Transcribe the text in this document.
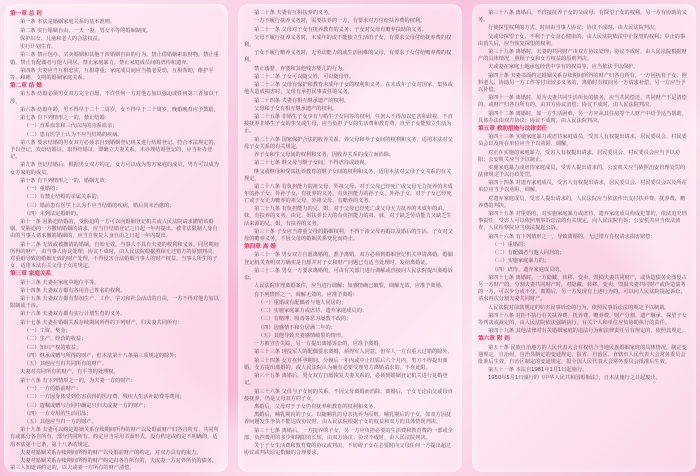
第一章 总 则

第一条 本法是婚姻家庭关系的基本准则。

第二条 实行婚姻自由、一夫一妻、男女平等的婚姻制度。

保护妇女、儿童和老人的合法权益。

实行计划生育。

第三条 禁止包办、买卖婚姻和其他干涉婚姻自由的行为。禁止借婚姻索取财物。禁止重婚。禁止有配偶者与他人同居。禁止家庭暴力。禁止家庭成员间的虐待和遗弃。

第四条 夫妻应当互相忠实，互相尊重；家庭成员间应当敬老爱幼，互相帮助，维护平等、和睦、文明的婚姻家庭关系。

第二章 结 婚

第五条 结婚必须男女双方完全自愿，不许任何一方对他方加以强迫或任何第三者加以干涉。

第六条 结婚年龄，男不得早于二十二周岁，女不得早于二十周岁。晚婚晚育应予鼓励。

第七条 有下列情形之一的，禁止结婚：

（一）直系血亲和三代以内的旁系血亲；

（二）患有医学上认为不应当结婚的疾病。

第八条 要求结婚的男女双方必须亲自到婚姻登记机关进行结婚登记。符合本法规定的，予以登记，发给结婚证。取得结婚证，即确立夫妻关系。未办理结婚登记的，应当补办登记。

第九条 登记结婚后，根据男女双方约定，女方可以成为男方家庭的成员，男方可以成为女方家庭的成员。

第十条 有下列情形之一的，婚姻无效：

（一）重婚的；

（二）有禁止结婚的亲属关系的；

（三）婚前患有医学上认为不应当结婚的疾病，婚后尚未治愈的；

（四）未到法定婚龄的。

第十一条 因胁迫结婚的，受胁迫的一方可以向婚姻登记机关或人民法院请求撤销该婚姻。受胁迫的一方撤销婚姻的请求，应当自结婚登记之日起一年内提出。被非法限制人身自由的当事人请求撤销婚姻的，应当自恢复人身自由之日起一年内提出。

第十二条 无效或被撤销的婚姻，自始无效。当事人不具有夫妻的权利和义务。同居期间所得的财产，由当事人协议处理；协议不成时，由人民法院根据照顾无过错方的原则判决。对重婚导致的婚姻无效的财产处理，不得侵害合法婚姻当事人的财产权益。当事人所生的子女，适用本法有关父母子女的规定。

第三章 家庭关系

第十三条 夫妻在家庭中地位平等。

第十四条 夫妻双方都有各用自己姓名的权利。

第十五条 夫妻双方都有参加生产、工作、学习和社会活动的自由，一方不得对他方加以限制或干涉。

第十六条 夫妻双方都有实行计划生育的义务。

第十七条 夫妻在婚姻关系存续期间所得的下列财产，归夫妻共同所有：

（一）工资、奖金；

（二）生产、经营的收益；

（三）知识产权的收益；

（四）继承或赠与所得的财产，但本法第十八条第三项规定的除外；

（五）其他应当归共同所有的财产。

夫妻对共同所有的财产，有平等的处理权。

第十八条 有下列情形之一的，为夫妻一方的财产：

（一）一方的婚前财产；

（二）一方因身体受到伤害获得的医疗费、残疾人生活补助费等费用；

（三）遗嘱或赠与合同中确定只归夫或妻一方的财产；

（四）一方专用的生活用品；

（五）其他应当归一方的财产。

第十九条 夫妻可以约定婚姻关系存续期间所得的财产以及婚前财产归各自所有、共同所有或部分各自所有、部分共同所有。约定应当采用书面形式。没有约定或约定不明确的，适用本法第十七条、第十八条的规定。

夫妻对婚姻关系存续期间所得的财产以及婚前财产的约定，对双方具有约束力。

夫妻对婚姻关系存续期间所得的财产约定归各自所有的，夫或妻一方对外所负的债务，第三人知道该约定的，以夫或妻一方所有的财产清偿。

第二十条 夫妻有互相扶养的义务。

一方不履行扶养义务时，需要扶养的一方，有要求对方付给扶养费的权利。

第二十一条 父母对子女有抚养教育的义务；子女对父母有赡养扶助的义务。

父母不履行抚养义务时，未成年的或不能独立生活的子女，有要求父母付给抚养费的权利。

子女不履行赡养义务时，无劳动能力的或生活困难的父母，有要求子女付给赡养费的权利。

禁止溺婴、弃婴和其他残害婴儿的行为。

第二十二条 子女可以随父姓，可以随母姓。

第二十三条 父母有保护和教育未成年子女的权利和义务。在未成年子女对国家、集体或他人造成损害时，父母有承担民事责任的义务。

第二十四条 夫妻有相互继承遗产的权利。

父母和子女有相互继承遗产的权利。

第二十五条 非婚生子女享有与婚生子女同等的权利，任何人不得加以危害和歧视。不直接抚养非婚生子女的生父或生母，应当负担子女的生活费和教育费，直至子女能独立生活为止。

第二十六条 国家保护合法的收养关系。养父母和养子女间的权利和义务，适用本法对父母子女关系的有关规定。

养子女和生父母间的权利和义务，因收养关系的成立而消除。

第二十七条 继父母与继子女间，不得虐待或歧视。

继父或继母和受其抚养教育的继子女间的权利和义务，适用本法对父母子女关系的有关规定。

第二十八条 有负担能力的祖父母、外祖父母，对于父母已经死亡或父母无力抚养的未成年的孙子女、外孙子女，有抚养的义务。有负担能力的孙子女、外孙子女，对于子女已经死亡或子女无力赡养的祖父母、外祖父母，有赡养的义务。

第二十九条 有负担能力的兄、姐，对于父母已经死亡或父母无力抚养的未成年的弟、妹，有扶养的义务。由兄、姐扶养长大的有负担能力的弟、妹，对于缺乏劳动能力又缺乏生活来源的兄、姐，有扶养的义务。

第三十条 子女应当尊重父母的婚姻权利，不得干涉父母再婚以及婚后的生活。子女对父母的赡养义务，不因父母的婚姻关系变化而终止。

第四章 离 婚

第三十一条 男女双方自愿离婚的，准予离婚。双方必须到婚姻登记机关申请离婚。婚姻登记机关查明双方确实是自愿并对子女和财产问题已有适当处理时，发给离婚证。

第三十二条 男女一方要求离婚的，可由有关部门进行调解或直接向人民法院提出离婚诉讼。

人民法院审理离婚案件，应当进行调解；如感情确已破裂，调解无效，应准予离婚。

有下列情形之一，调解无效的，应准予离婚：

（一）重婚或有配偶者与他人同居的；

（二）实施家庭暴力或虐待、遗弃家庭成员的；

（三）有赌博、吸毒等恶习屡教不改的；

（四）因感情不和分居满二年的；

（五）其他导致夫妻感情破裂的情形。

一方被宣告失踪，另一方提出离婚诉讼的，应准予离婚。

第三十三条 现役军人的配偶要求离婚，须得军人同意，但军人一方有重大过错的除外。

第三十四条 女方在怀孕期间、分娩后一年内或中止妊娠后六个月内，男方不得提出离婚。女方提出离婚的，或人民法院认为确有必要受理男方离婚请求的，不在此限。

第三十五条 离婚后，男女双方自愿恢复夫妻关系的，必须到婚姻登记机关进行复婚登记。

第三十六条 父母与子女间的关系，不因父母离婚而消除。离婚后，子女无论由父或母直接抚养，仍是父母双方的子女。

离婚后，父母对于子女仍有抚养和教育的权利和义务。

离婚后，哺乳期内的子女，以随哺乳的母亲抚养为原则。哺乳期后的子女，如双方因抚养问题发生争执不能达成协议时，由人民法院根据子女的权益和双方的具体情况判决。

第三十七条 离婚后，一方抚养的子女，另一方应负担必要的生活费和教育费的一部或全部，负担费用的多少和期限的长短，由双方协议；协议不成时，由人民法院判决。

关于子女生活费和教育费的协议或判决，不妨碍子女在必要时向父母任何一方提出超过协议或判决原定数额的合理要求。

第三十八条 离婚后，不直接抚养子女的父或母，有探望子女的权利，另一方有协助的义务。

行使探望权利的方式、时间由当事人协议；协议不成时，由人民法院判决。

父或母探望子女，不利于子女身心健康的，由人民法院依法中止探望的权利；中止的事由消失后，应当恢复探望的权利。

第三十九条 离婚时，夫妻的共同财产由双方协议处理；协议不成时，由人民法院根据财产的具体情况，照顾子女和女方权益的原则判决。

夫或妻在家庭土地承包经营中享有的权益等，应当依法予以保护。

第四十条 夫妻书面约定婚姻关系存续期间所得的财产归各自所有，一方因抚育子女、照料老人、协助另一方工作等付出较多义务的，离婚时有权向另一方请求补偿，另一方应当予以补偿。

第四十一条 离婚时，原为夫妻共同生活所负的债务，应当共同偿还。共同财产不足清偿的，或财产归各自所有的，由双方协议清偿；协议不成时，由人民法院判决。

第四十二条 离婚时，如一方生活困难，另一方应从其住房等个人财产中给予适当帮助。具体办法由双方协议；协议不成时，由人民法院判决。

第五章 救助措施与法律责任

第四十三条 实施家庭暴力或虐待家庭成员，受害人有权提出请求，居民委员会、村民委员会以及所在单位应当予以劝阻、调解。

对正在实施的家庭暴力，受害人有权提出请求，居民委员会、村民委员会应当予以劝阻；公安机关应当予以制止。

实施家庭暴力或虐待家庭成员，受害人提出请求的，公安机关应当依照治安管理处罚的法律规定予以行政处罚。

第四十四条 对遗弃家庭成员，受害人有权提出请求，居民委员会、村民委员会以及所在单位应当予以劝阻、调解。

对遗弃家庭成员，受害人提出请求的，人民法院应当依法作出支付扶养费、抚养费、赡养费的判决。

第四十五条 对重婚的，对实施家庭暴力或虐待、遗弃家庭成员构成犯罪的，依法追究刑事责任。受害人可以依照刑事诉讼法的有关规定，向人民法院自诉；公安机关应当依法侦查，人民检察院应当依法提起公诉。

第四十六条 有下列情形之一，导致离婚的，无过错方有权请求损害赔偿：

（一）重婚的；

（二）有配偶者与他人同居的；

（三）实施家庭暴力的；

（四）虐待、遗弃家庭成员的。

第四十七条 离婚时，一方隐藏、转移、变卖、毁损夫妻共同财产，或伪造债务企图侵占另一方财产的，分割夫妻共同财产时，对隐藏、转移、变卖、毁损夫妻共同财产或伪造债务的一方，可以少分或不分。离婚后，另一方发现有上述行为的，可以向人民法院提起诉讼，请求再次分割夫妻共同财产。

人民法院对前款规定的妨害民事诉讼的行为，依照民事诉讼法的规定予以制裁。

第四十八条 对拒不执行有关扶养费、抚养费、赡养费、财产分割、遗产继承、探望子女等判决或裁定的，由人民法院依法强制执行。有关个人和单位应负协助执行的责任。

第四十九条 其他法律对有关婚姻家庭的违法行为和法律责任另有规定的，依照其规定。

第六章 附 则

第五十条 民族自治地方的人民代表大会有权结合当地民族婚姻家庭的具体情况，制定变通规定。自治州、自治县制定的变通规定，报省、自治区、直辖市人民代表大会常务委员会批准后生效。自治区制定的变通规定，报全国人民代表大会常务委员会批准后生效。

第五十一条 本法自1981年1月1日起施行。

1950年5月1日颁行的《中华人民共和国婚姻法》，自本法施行之日起废止。
